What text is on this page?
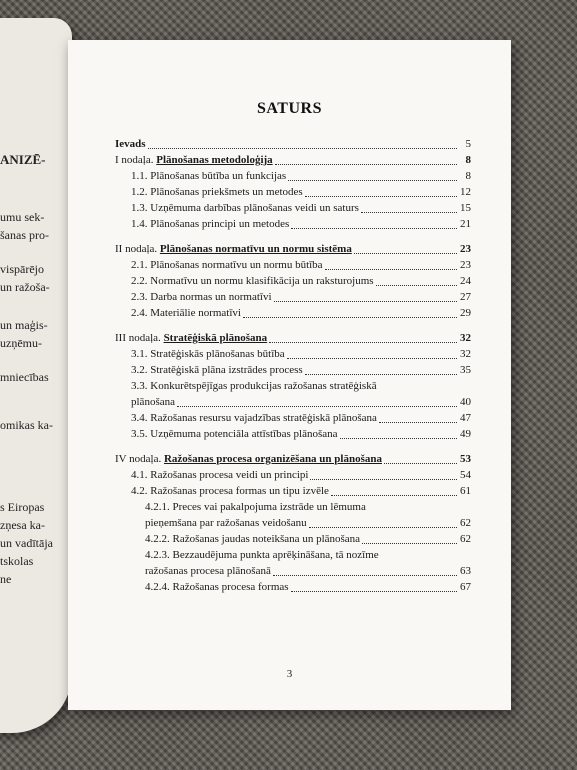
ANIZĒ-
umu sek-
šanas pro-
vispārējo
un ražoša-
un maģis-
uzņēmu-
mniecības
omikas ka-
s Eiropas
zņesa ka-
un vadītāja
tskolas
ne
SATURS
Ievads	5
I nodaļa. Plānošanas metodoloģija	8
1.1. Plānošanas būtība un funkcijas	8
1.2. Plānošanas priekšmets un metodes	12
1.3. Uzņēmuma darbības plānošanas veidi un saturs	15
1.4. Plānošanas principi un metodes	21
II nodaļa. Plānošanas normatīvu un normu sistēma	23
2.1. Plānošanas normatīvu un normu būtība	23
2.2. Normatīvu un normu klasifikācija un raksturojums	24
2.3. Darba normas un normatīvi	27
2.4. Materiālie normatīvi	29
III nodaļa. Stratēģiskā plānošana	32
3.1. Stratēģiskās plānošanas būtība	32
3.2. Stratēģiskā plāna izstrādes process	35
3.3. Konkurētspējīgas produkcijas ražošanas stratēģiskā
plānošana	40
3.4. Ražošanas resursu vajadzības stratēģiskā plānošana	47
3.5. Uzņēmuma potenciāla attīstības plānošana	49
IV nodaļa. Ražošanas procesa organizēšana un plānošana	53
4.1. Ražošanas procesa veidi un principi	54
4.2. Ražošanas procesa formas un tipu izvēle	61
4.2.1. Preces vai pakalpojuma izstrāde un lēmuma
pieņemšana par ražošanas veidošanu	62
4.2.2. Ražošanas jaudas noteikšana un plānošana	62
4.2.3. Bezzaudējuma punkta aprēķināšana, tā nozīme
ražošanas procesa plānošanā	63
4.2.4. Ražošanas procesa formas	67
3
